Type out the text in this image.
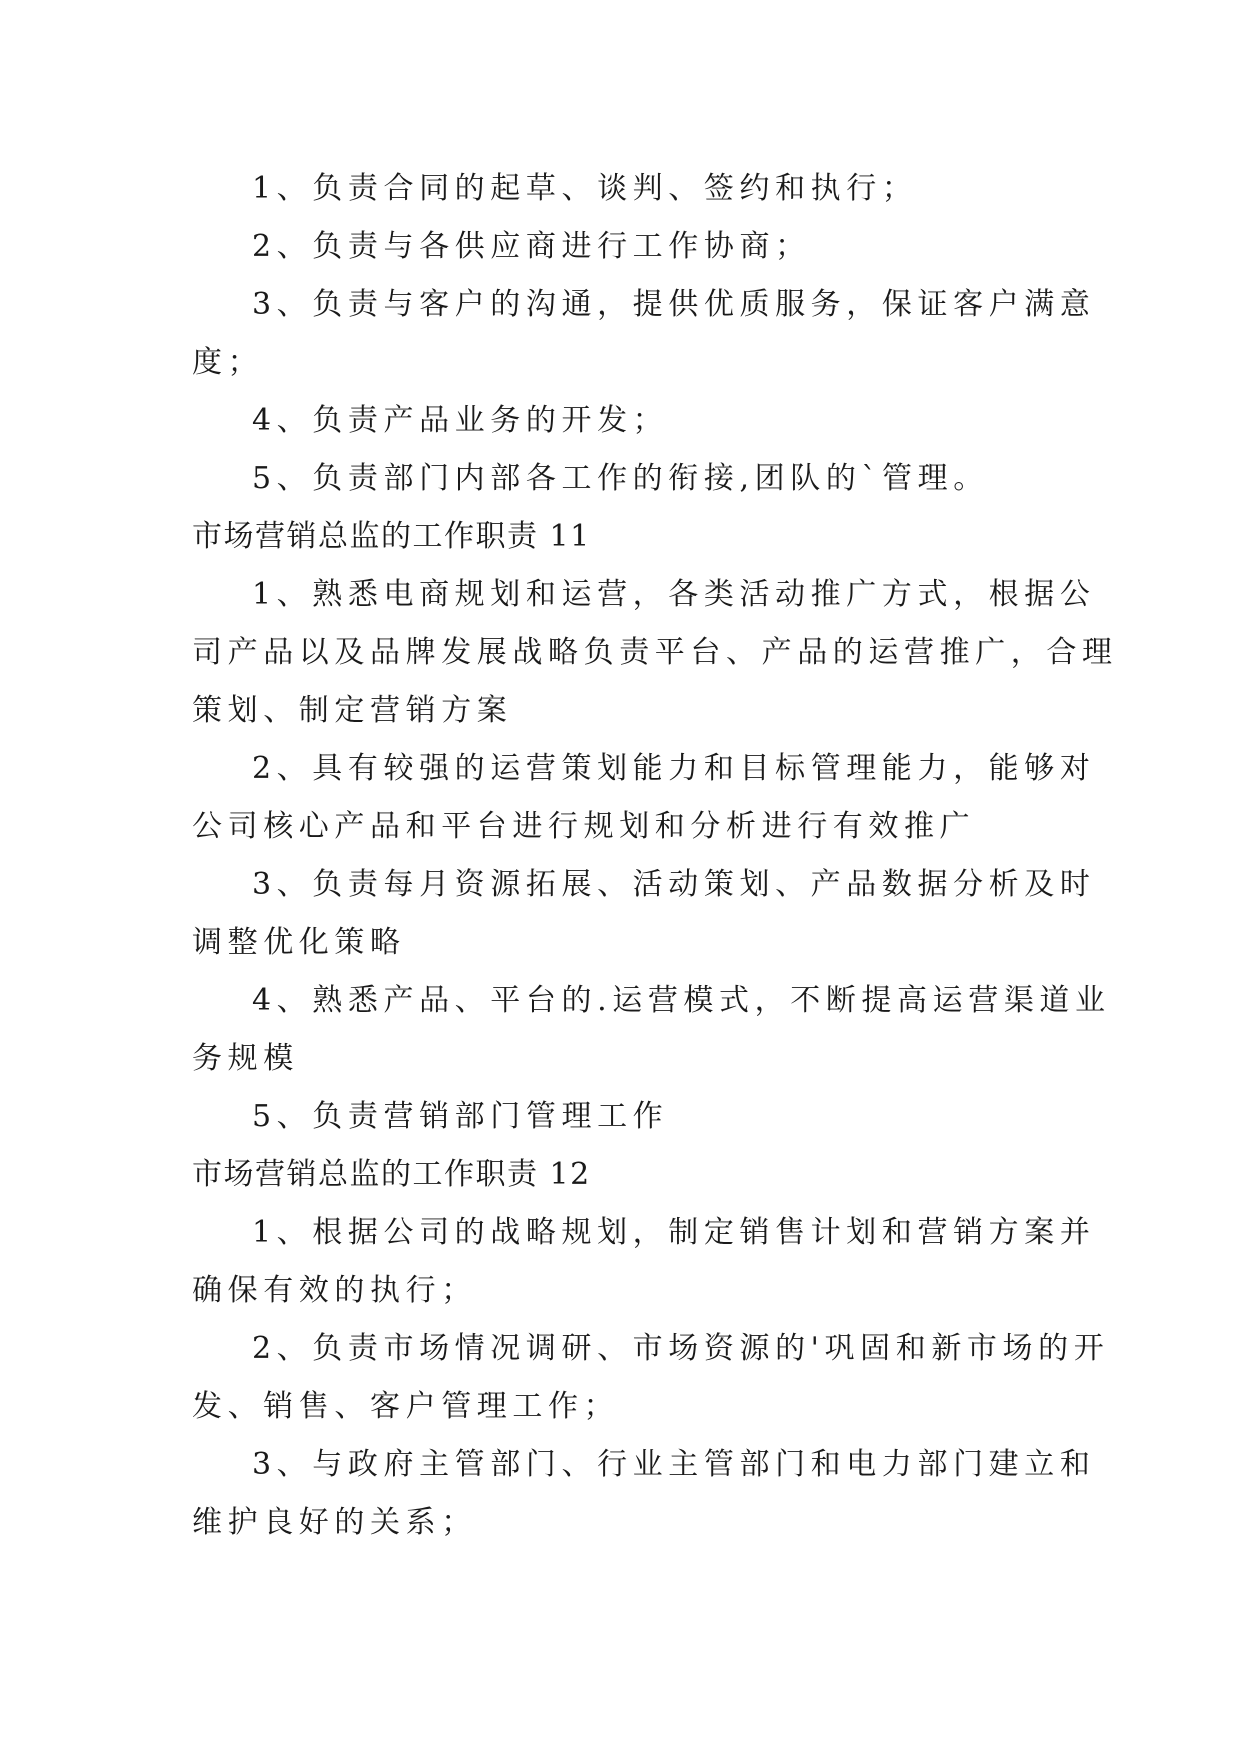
1、负责合同的起草、谈判、签约和执行；
2、负责与各供应商进行工作协商；
3、负责与客户的沟通，提供优质服务，保证客户满意
度；
4、负责产品业务的开发；
5、负责部门内部各工作的衔接,团队的`管理。
市场营销总监的工作职责 11
1、熟悉电商规划和运营，各类活动推广方式，根据公
司产品以及品牌发展战略负责平台、产品的运营推广，合理
策划、制定营销方案
2、具有较强的运营策划能力和目标管理能力，能够对
公司核心产品和平台进行规划和分析进行有效推广
3、负责每月资源拓展、活动策划、产品数据分析及时
调整优化策略
4、熟悉产品、平台的.运营模式，不断提高运营渠道业
务规模
5、负责营销部门管理工作
市场营销总监的工作职责 12
1、根据公司的战略规划，制定销售计划和营销方案并
确保有效的执行；
2、负责市场情况调研、市场资源的'巩固和新市场的开
发、销售、客户管理工作；
3、与政府主管部门、行业主管部门和电力部门建立和
维护良好的关系；
